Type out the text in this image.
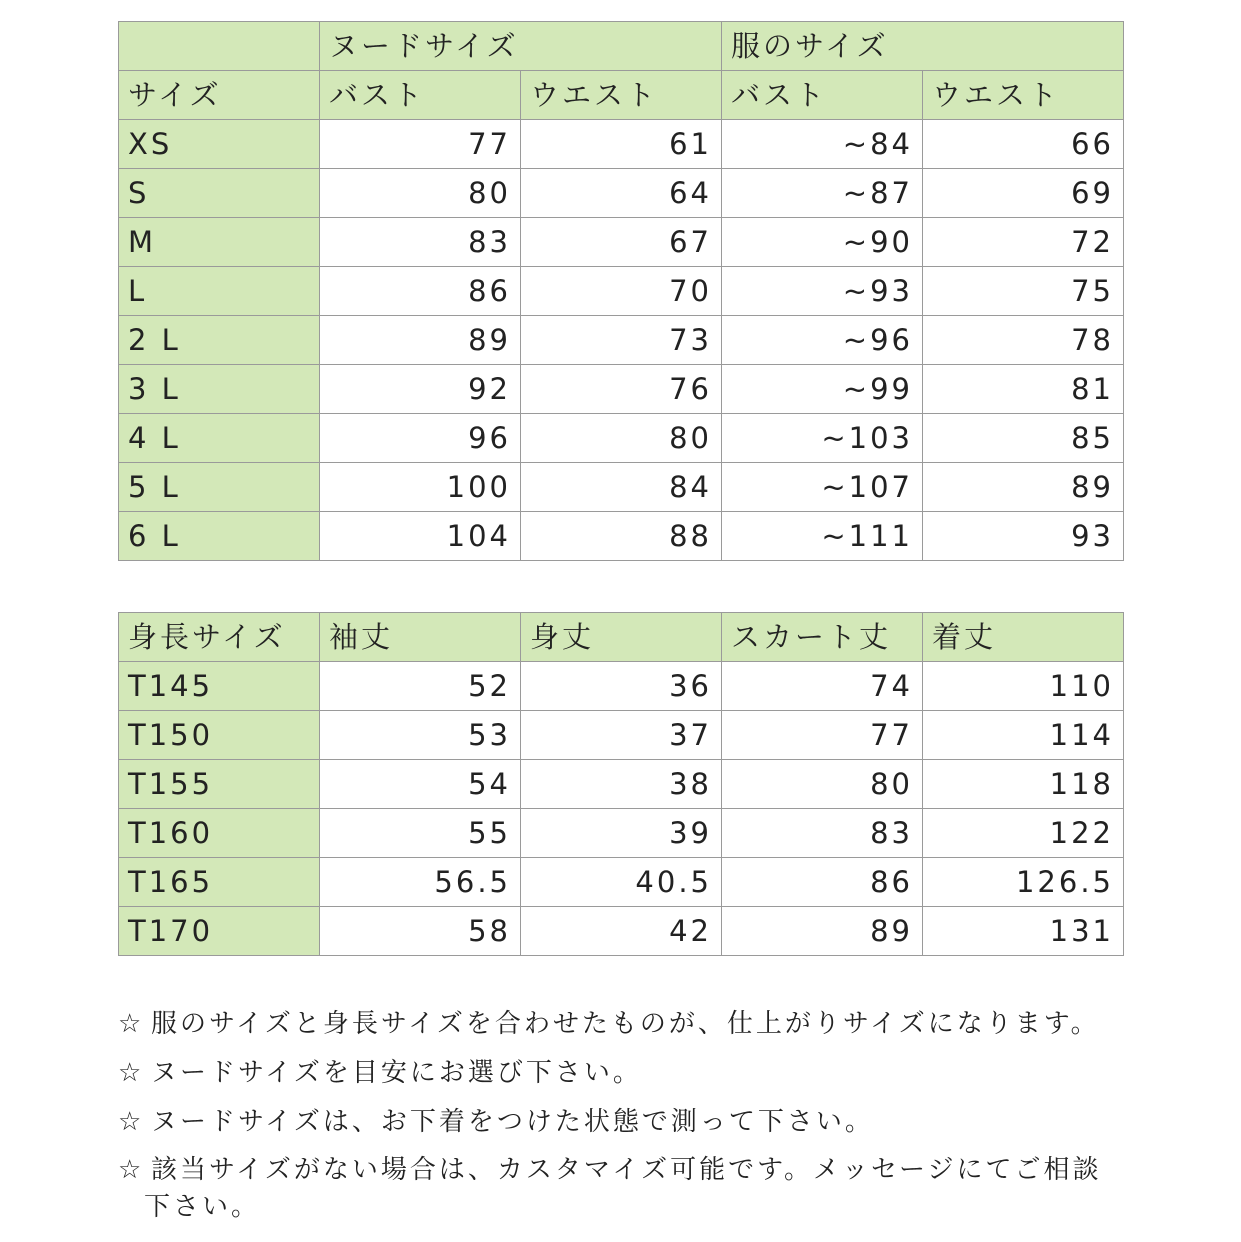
	ヌードサイズ		服のサイズ	
サイズ	バスト	ウエスト	バスト	ウエスト
XS	77	61	~84	66
S	80	64	~87	69
M	83	67	~90	72
L	86	70	~93	75
2 L	89	73	~96	78
3 L	92	76	~99	81
4 L	96	80	~103	85
5 L	100	84	~107	89
6 L	104	88	~111	93
身長サイズ	袖丈	身丈	スカート丈	着丈
T145	52	36	74	110
T150	53	37	77	114
T155	54	38	80	118
T160	55	39	83	122
T165	56.5	40.5	86	126.5
T170	58	42	89	131
☆ 服のサイズと身長サイズを合わせたものが、仕上がりサイズになります。
☆ ヌードサイズを目安にお選び下さい。
☆ ヌードサイズは、お下着をつけた状態で測って下さい。
☆ 該当サイズがない場合は、カスタマイズ可能です。メッセージにてご相談
下さい。
